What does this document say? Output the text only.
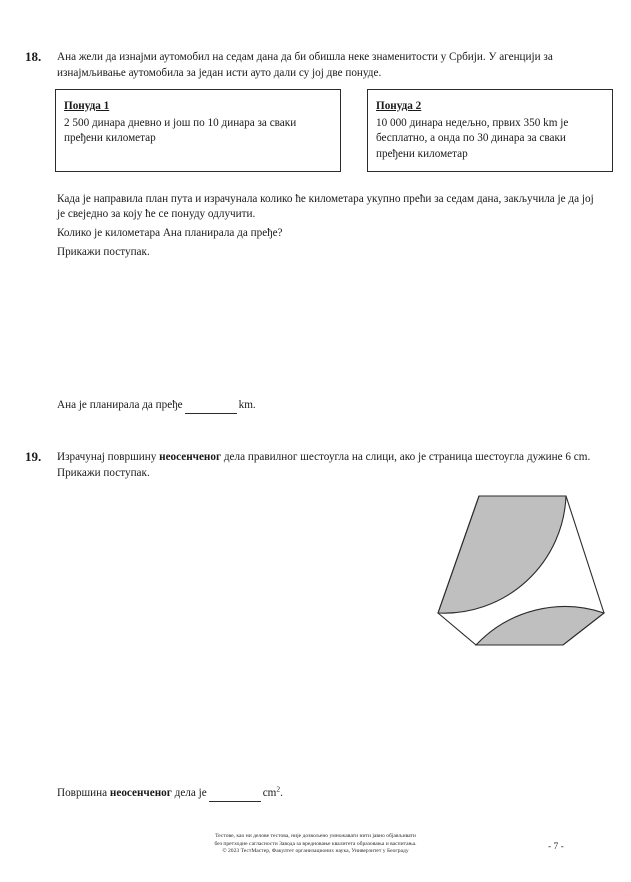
18. Ана жели да изнајми аутомобил на седам дана да би обишла неке знаменитости у Србији. У агенцији за изнајмљивање аутомобила за један исти ауто дали су јој две понуде.
Понуда 1
2 500 динара дневно и још по 10 динара за сваки пређени километар
Понуда 2
10 000 динара недељно, првих 350 km је бесплатно, а онда по 30 динара за сваки пређени километар
Када је направила план пута и израчунала колико ће километара укупно прећи за седам дана, закључила је да јој
је свеједно за коју ће се понуду одлучити.
Колико је километара Ана планирала да пређе?
Прикажи поступак.
Ана је планирала да пређе	km.
19. Израчунај површину неосенченог дела правилног шестоугла на слици, ако је страница шестоугла дужине 6 cm.
Прикажи поступак.
Површина неосенченог дела је	$cm^2$.
Тестове, као ни делове тестова, није дозвољено умножавати нити јавно објављивати
без претходне сагласности Завода за вредновање квалитета образовања и васпитања.
© 2023 ТестМастер, Факултет организационих наука, Универзитет у Београду	- 7 -
